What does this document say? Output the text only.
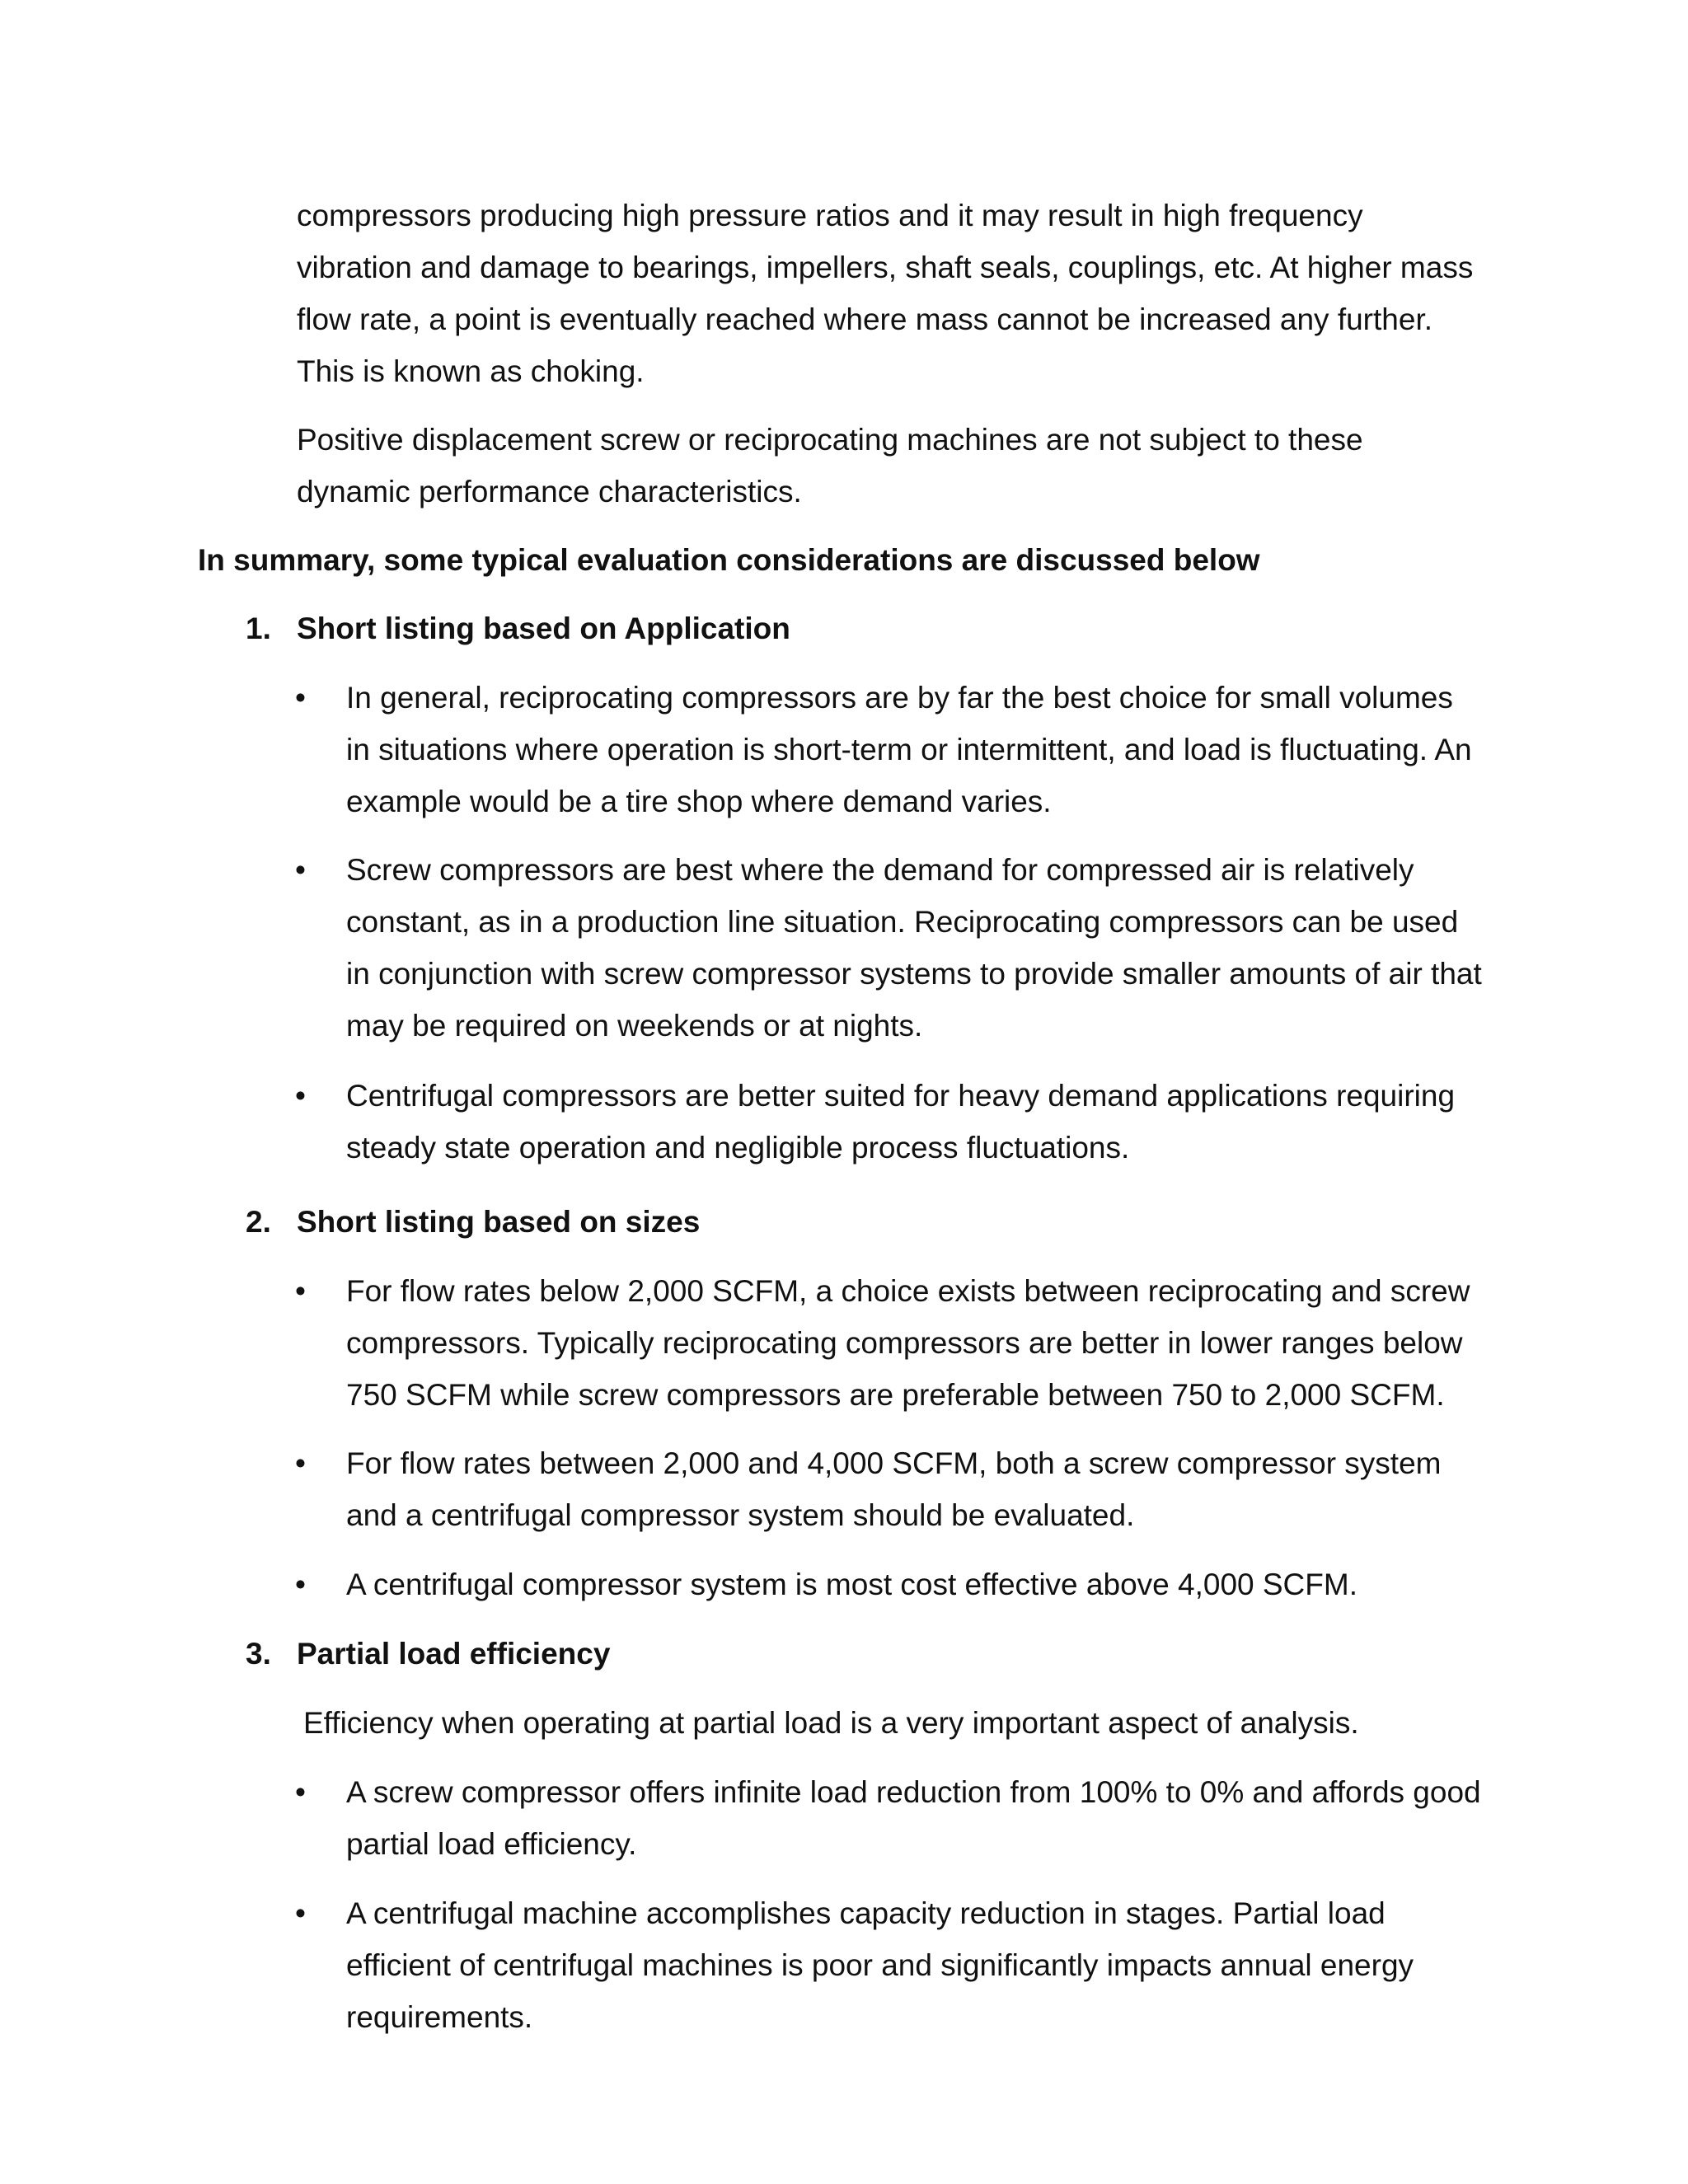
compressors producing high pressure ratios and it may result in high frequency
vibration and damage to bearings, impellers, shaft seals, couplings, etc. At higher mass
flow rate, a point is eventually reached where mass cannot be increased any further.
This is known as choking.

Positive displacement screw or reciprocating machines are not subject to these
dynamic performance characteristics.

In summary, some typical evaluation considerations are discussed below

1. Short listing based on Application

•	In general, reciprocating compressors are by far the best choice for small volumes
in situations where operation is short-term or intermittent, and load is fluctuating. An
example would be a tire shop where demand varies.
•	Screw compressors are best where the demand for compressed air is relatively
constant, as in a production line situation. Reciprocating compressors can be used
in conjunction with screw compressor systems to provide smaller amounts of air that
may be required on weekends or at nights.
•	Centrifugal compressors are better suited for heavy demand applications requiring
steady state operation and negligible process fluctuations.

2. Short listing based on sizes

•	For flow rates below 2,000 SCFM, a choice exists between reciprocating and screw
compressors. Typically reciprocating compressors are better in lower ranges below
750 SCFM while screw compressors are preferable between 750 to 2,000 SCFM.
•	For flow rates between 2,000 and 4,000 SCFM, both a screw compressor system
and a centrifugal compressor system should be evaluated.
•	A centrifugal compressor system is most cost effective above 4,000 SCFM.

3. Partial load efficiency

Efficiency when operating at partial load is a very important aspect of analysis.

•	A screw compressor offers infinite load reduction from 100% to 0% and affords good
partial load efficiency.
•	A centrifugal machine accomplishes capacity reduction in stages. Partial load
efficient of centrifugal machines is poor and significantly impacts annual energy
requirements.
